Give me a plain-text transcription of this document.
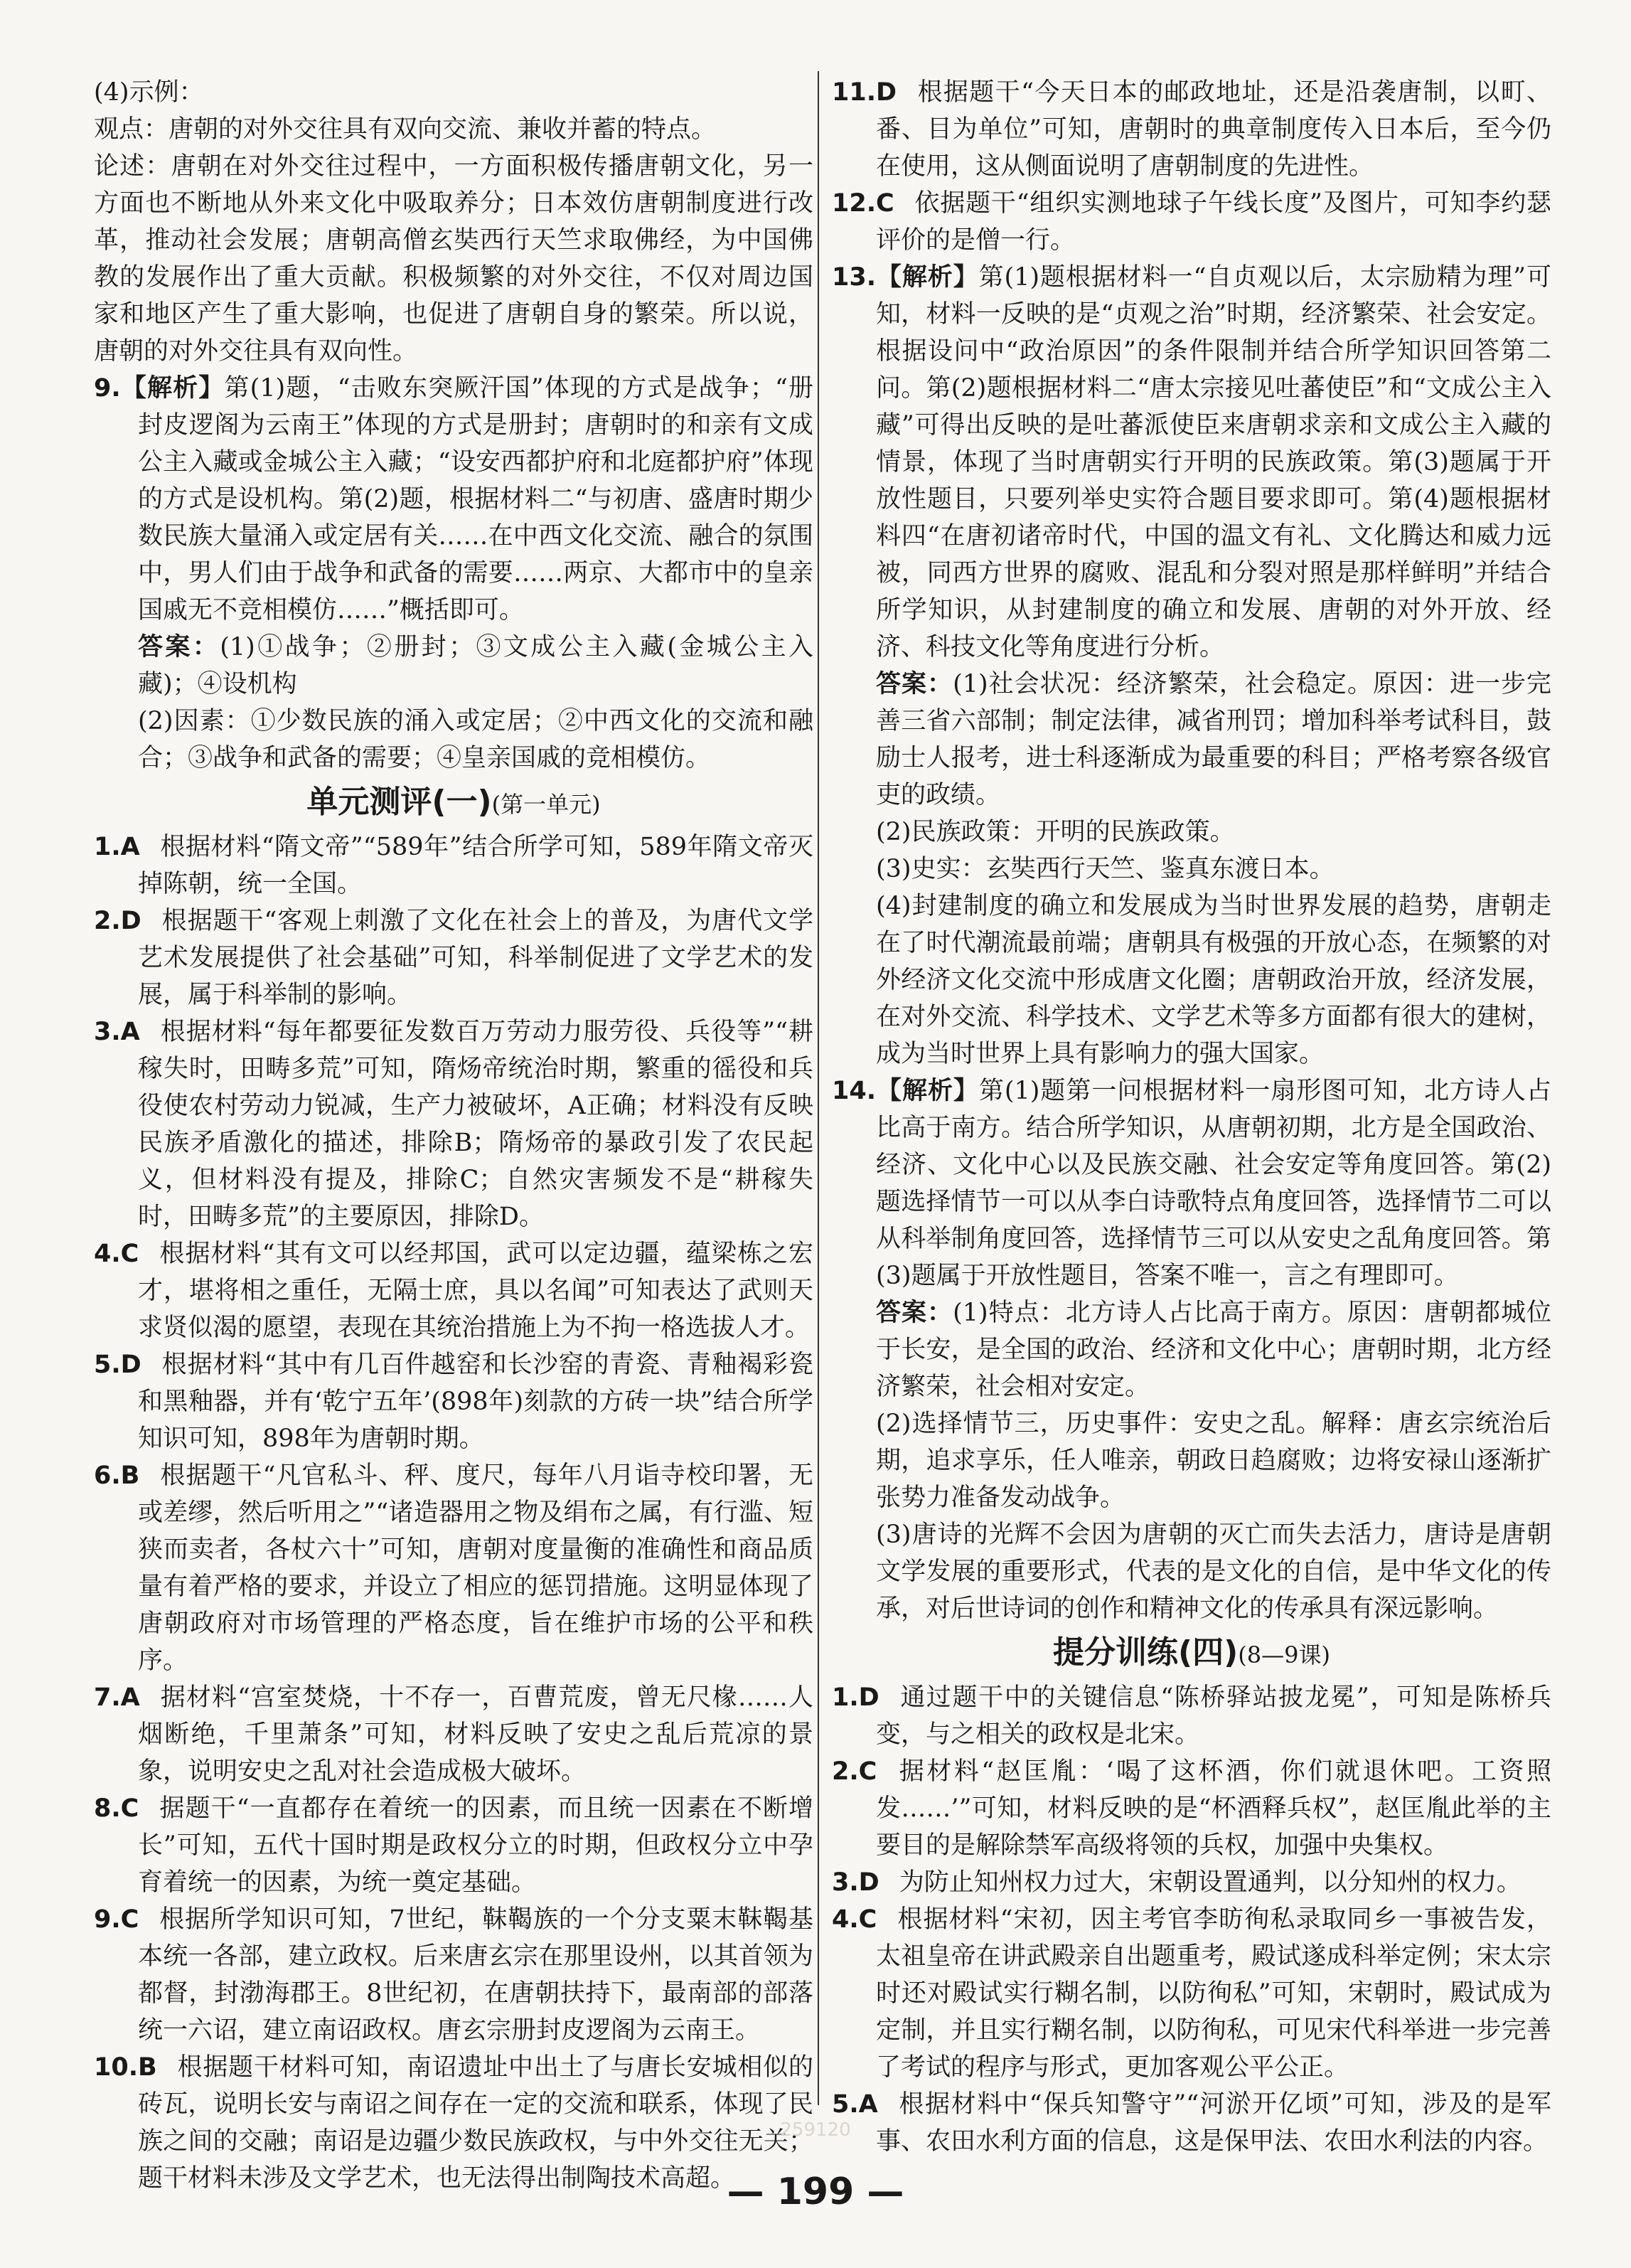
(4)示例：

观点：唐朝的对外交往具有双向交流、兼收并蓄的特点。

论述：唐朝在对外交往过程中，一方面积极传播唐朝文化，另一方面也不断地从外来文化中吸取养分；日本效仿唐朝制度进行改革，推动社会发展；唐朝高僧玄奘西行天竺求取佛经，为中国佛教的发展作出了重大贡献。积极频繁的对外交往，不仅对周边国家和地区产生了重大影响，也促进了唐朝自身的繁荣。所以说，唐朝的对外交往具有双向性。

9.【解析】第(1)题，“击败东突厥汗国”体现的方式是战争；“册封皮逻阁为云南王”体现的方式是册封；唐朝时的和亲有文成公主入藏或金城公主入藏；“设安西都护府和北庭都护府”体现的方式是设机构。第(2)题，根据材料二“与初唐、盛唐时期少数民族大量涌入或定居有关……在中西文化交流、融合的氛围中，男人们由于战争和武备的需要……两京、大都市中的皇亲国戚无不竞相模仿……”概括即可。

答案：(1)①战争；②册封；③文成公主入藏(金城公主入藏)；④设机构

(2)因素：①少数民族的涌入或定居；②中西文化的交流和融合；③战争和武备的需要；④皇亲国戚的竞相模仿。

单元测评(一)(第一单元)

1.A 根据材料“隋文帝”“589年”结合所学可知，589年隋文帝灭掉陈朝，统一全国。

2.D 根据题干“客观上刺激了文化在社会上的普及，为唐代文学艺术发展提供了社会基础”可知，科举制促进了文学艺术的发展，属于科举制的影响。

3.A 根据材料“每年都要征发数百万劳动力服劳役、兵役等”“耕稼失时，田畴多荒”可知，隋炀帝统治时期，繁重的徭役和兵役使农村劳动力锐减，生产力被破坏，A正确；材料没有反映民族矛盾激化的描述，排除B；隋炀帝的暴政引发了农民起义，但材料没有提及，排除C；自然灾害频发不是“耕稼失时，田畴多荒”的主要原因，排除D。

4.C 根据材料“其有文可以经邦国，武可以定边疆，蕴梁栋之宏才，堪将相之重任，无隔士庶，具以名闻”可知表达了武则天求贤似渴的愿望，表现在其统治措施上为不拘一格选拔人才。

5.D 根据材料“其中有几百件越窑和长沙窑的青瓷、青釉褐彩瓷和黑釉器，并有‘乾宁五年’(898年)刻款的方砖一块”结合所学知识可知，898年为唐朝时期。

6.B 根据题干“凡官私斗、秤、度尺，每年八月诣寺校印署，无或差缪，然后听用之”“诸造器用之物及绢布之属，有行滥、短狭而卖者，各杖六十”可知，唐朝对度量衡的准确性和商品质量有着严格的要求，并设立了相应的惩罚措施。这明显体现了唐朝政府对市场管理的严格态度，旨在维护市场的公平和秩序。

7.A 据材料“宫室焚烧，十不存一，百曹荒废，曾无尺椽……人烟断绝，千里萧条”可知，材料反映了安史之乱后荒凉的景象，说明安史之乱对社会造成极大破坏。

8.C 据题干“一直都存在着统一的因素，而且统一因素在不断增长”可知，五代十国时期是政权分立的时期，但政权分立中孕育着统一的因素，为统一奠定基础。

9.C 根据所学知识可知，7世纪，靺鞨族的一个分支粟末靺鞨基本统一各部，建立政权。后来唐玄宗在那里设州，以其首领为都督，封渤海郡王。8世纪初，在唐朝扶持下，最南部的部落统一六诏，建立南诏政权。唐玄宗册封皮逻阁为云南王。

10.B 根据题干材料可知，南诏遗址中出土了与唐长安城相似的砖瓦，说明长安与南诏之间存在一定的交流和联系，体现了民族之间的交融；南诏是边疆少数民族政权，与中外交往无关；题干材料未涉及文学艺术，也无法得出制陶技术高超。

11.D 根据题干“今天日本的邮政地址，还是沿袭唐制，以町、番、目为单位”可知，唐朝时的典章制度传入日本后，至今仍在使用，这从侧面说明了唐朝制度的先进性。

12.C 依据题干“组织实测地球子午线长度”及图片，可知李约瑟评价的是僧一行。

13.【解析】第(1)题根据材料一“自贞观以后，太宗励精为理”可知，材料一反映的是“贞观之治”时期，经济繁荣、社会安定。根据设问中“政治原因”的条件限制并结合所学知识回答第二问。第(2)题根据材料二“唐太宗接见吐蕃使臣”和“文成公主入藏”可得出反映的是吐蕃派使臣来唐朝求亲和文成公主入藏的情景，体现了当时唐朝实行开明的民族政策。第(3)题属于开放性题目，只要列举史实符合题目要求即可。第(4)题根据材料四“在唐初诸帝时代，中国的温文有礼、文化腾达和威力远被，同西方世界的腐败、混乱和分裂对照是那样鲜明”并结合所学知识，从封建制度的确立和发展、唐朝的对外开放、经济、科技文化等角度进行分析。

答案：(1)社会状况：经济繁荣，社会稳定。原因：进一步完善三省六部制；制定法律，减省刑罚；增加科举考试科目，鼓励士人报考，进士科逐渐成为最重要的科目；严格考察各级官吏的政绩。

(2)民族政策：开明的民族政策。

(3)史实：玄奘西行天竺、鉴真东渡日本。

(4)封建制度的确立和发展成为当时世界发展的趋势，唐朝走在了时代潮流最前端；唐朝具有极强的开放心态，在频繁的对外经济文化交流中形成唐文化圈；唐朝政治开放，经济发展，在对外交流、科学技术、文学艺术等多方面都有很大的建树，成为当时世界上具有影响力的强大国家。

14.【解析】第(1)题第一问根据材料一扇形图可知，北方诗人占比高于南方。结合所学知识，从唐朝初期，北方是全国政治、经济、文化中心以及民族交融、社会安定等角度回答。第(2)题选择情节一可以从李白诗歌特点角度回答，选择情节二可以从科举制角度回答，选择情节三可以从安史之乱角度回答。第(3)题属于开放性题目，答案不唯一，言之有理即可。

答案：(1)特点：北方诗人占比高于南方。原因：唐朝都城位于长安，是全国的政治、经济和文化中心；唐朝时期，北方经济繁荣，社会相对安定。

(2)选择情节三，历史事件：安史之乱。解释：唐玄宗统治后期，追求享乐，任人唯亲，朝政日趋腐败；边将安禄山逐渐扩张势力准备发动战争。

(3)唐诗的光辉不会因为唐朝的灭亡而失去活力，唐诗是唐朝文学发展的重要形式，代表的是文化的自信，是中华文化的传承，对后世诗词的创作和精神文化的传承具有深远影响。

提分训练(四)(8—9课)

1.D 通过题干中的关键信息“陈桥驿站披龙冕”，可知是陈桥兵变，与之相关的政权是北宋。

2.C 据材料“赵匡胤：‘喝了这杯酒，你们就退休吧。工资照发……’”可知，材料反映的是“杯酒释兵权”，赵匡胤此举的主要目的是解除禁军高级将领的兵权，加强中央集权。

3.D 为防止知州权力过大，宋朝设置通判，以分知州的权力。

4.C 根据材料“宋初，因主考官李昉徇私录取同乡一事被告发，太祖皇帝在讲武殿亲自出题重考，殿试遂成科举定例；宋太宗时还对殿试实行糊名制，以防徇私”可知，宋朝时，殿试成为定制，并且实行糊名制，以防徇私，可见宋代科举进一步完善了考试的程序与形式，更加客观公平公正。

5.A 根据材料中“保兵知警守”“河淤开亿顷”可知，涉及的是军事、农田水利方面的信息，这是保甲法、农田水利法的内容。

259120
— 199 —
